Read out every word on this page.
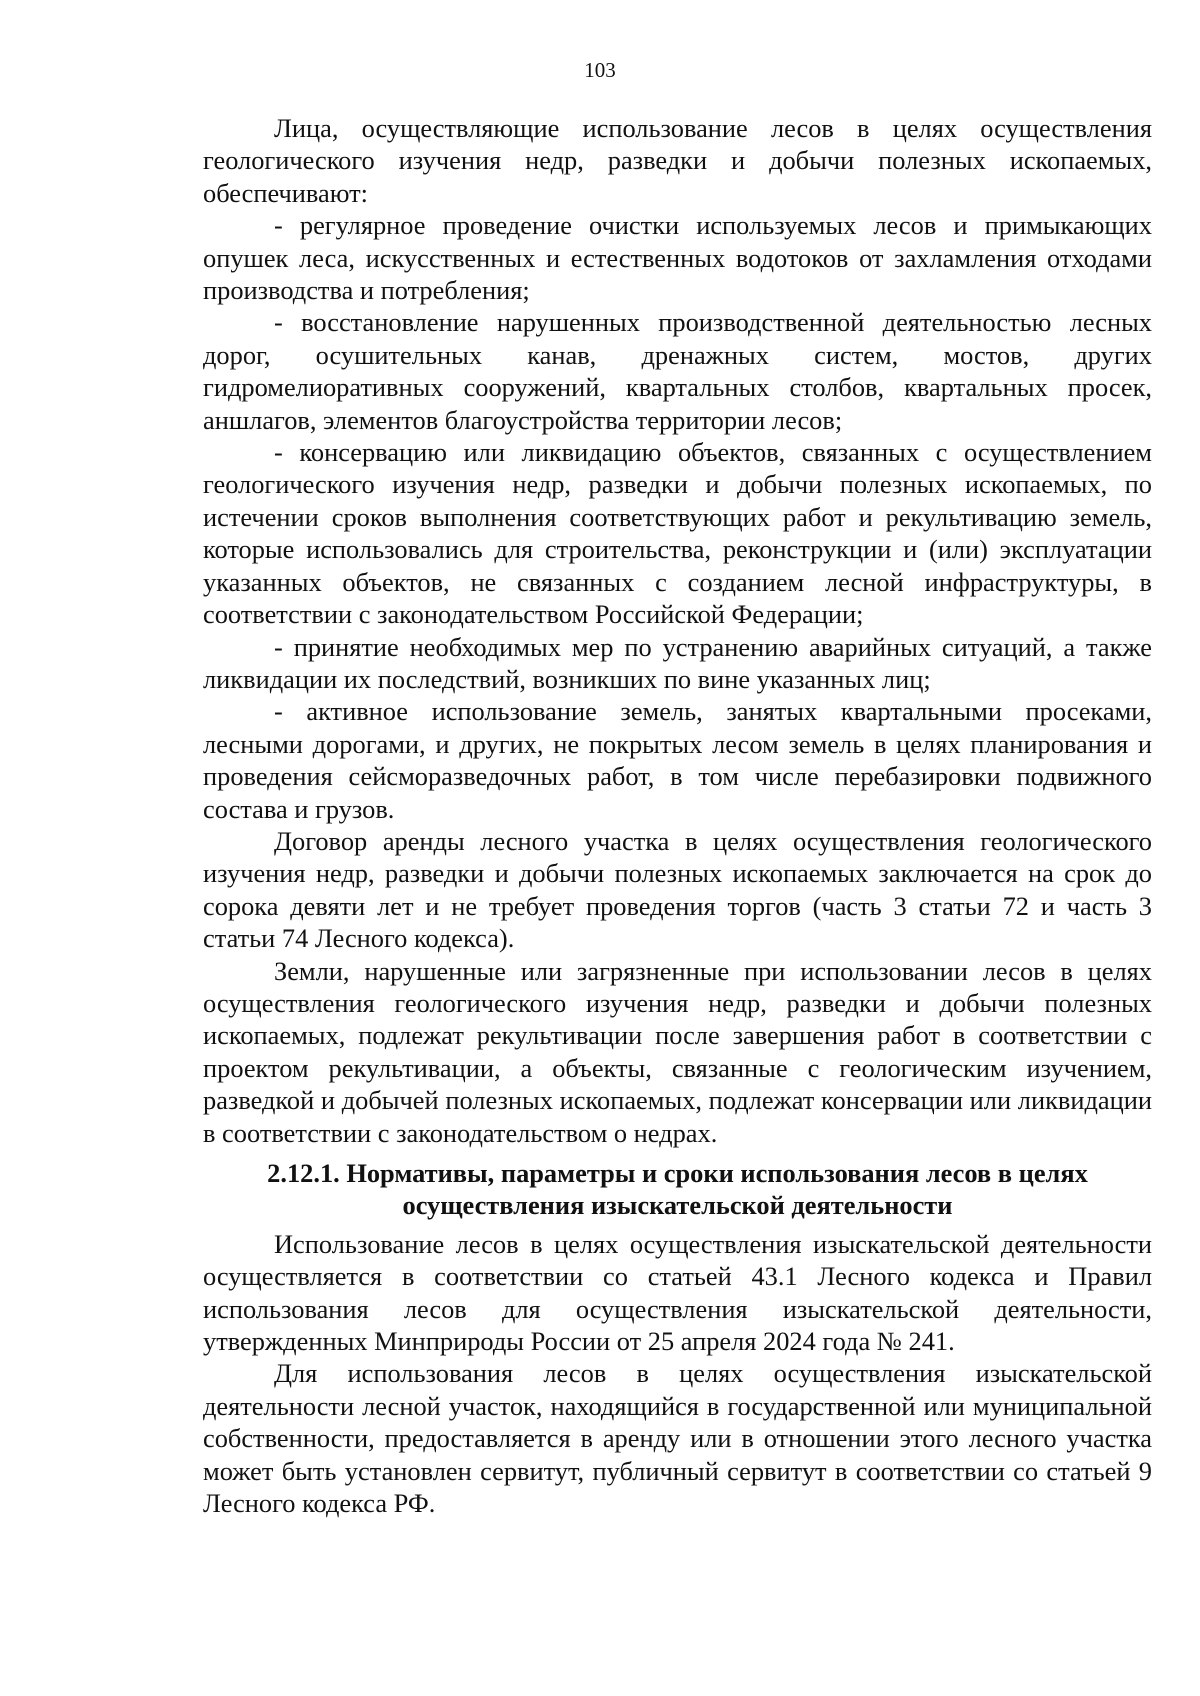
103

Лица, осуществляющие использование лесов в целях осуществления геологического изучения недр, разведки и добычи полезных ископаемых, обеспечивают:

- регулярное проведение очистки используемых лесов и примыкающих опушек леса, искусственных и естественных водотоков от захламления отходами производства и потребления;

- восстановление нарушенных производственной деятельностью лесных дорог, осушительных канав, дренажных систем, мостов, других гидромелиоративных сооружений, квартальных столбов, квартальных просек, аншлагов, элементов благоустройства территории лесов;

- консервацию или ликвидацию объектов, связанных с осуществлением геологического изучения недр, разведки и добычи полезных ископаемых, по истечении сроков выполнения соответствующих работ и рекультивацию земель, которые использовались для строительства, реконструкции и (или) эксплуатации указанных объектов, не связанных с созданием лесной инфраструктуры, в соответствии с законодательством Российской Федерации;

- принятие необходимых мер по устранению аварийных ситуаций, а также ликвидации их последствий, возникших по вине указанных лиц;

- активное использование земель, занятых квартальными просеками, лесными дорогами, и других, не покрытых лесом земель в целях планирования и проведения сейсморазведочных работ, в том числе перебазировки подвижного состава и грузов.

Договор аренды лесного участка в целях осуществления геологического изучения недр, разведки и добычи полезных ископаемых заключается на срок до сорока девяти лет и не требует проведения торгов (часть 3 статьи 72 и часть 3 статьи 74 Лесного кодекса).

Земли, нарушенные или загрязненные при использовании лесов в целях осуществления геологического изучения недр, разведки и добычи полезных ископаемых, подлежат рекультивации после завершения работ в соответствии с проектом рекультивации, а объекты, связанные с геологическим изучением, разведкой и добычей полезных ископаемых, подлежат консервации или ликвидации в соответствии с законодательством о недрах.

2.12.1. Нормативы, параметры и сроки использования лесов в целях осуществления изыскательской деятельности

Использование лесов в целях осуществления изыскательской деятельности осуществляется в соответствии со статьей 43.1 Лесного кодекса и Правил использования лесов для осуществления изыскательской деятельности, утвержденных Минприроды России от 25 апреля 2024 года № 241.

Для использования лесов в целях осуществления изыскательской деятельности лесной участок, находящийся в государственной или муниципальной собственности, предоставляется в аренду или в отношении этого лесного участка может быть установлен сервитут, публичный сервитут в соответствии со статьей 9 Лесного кодекса РФ.
